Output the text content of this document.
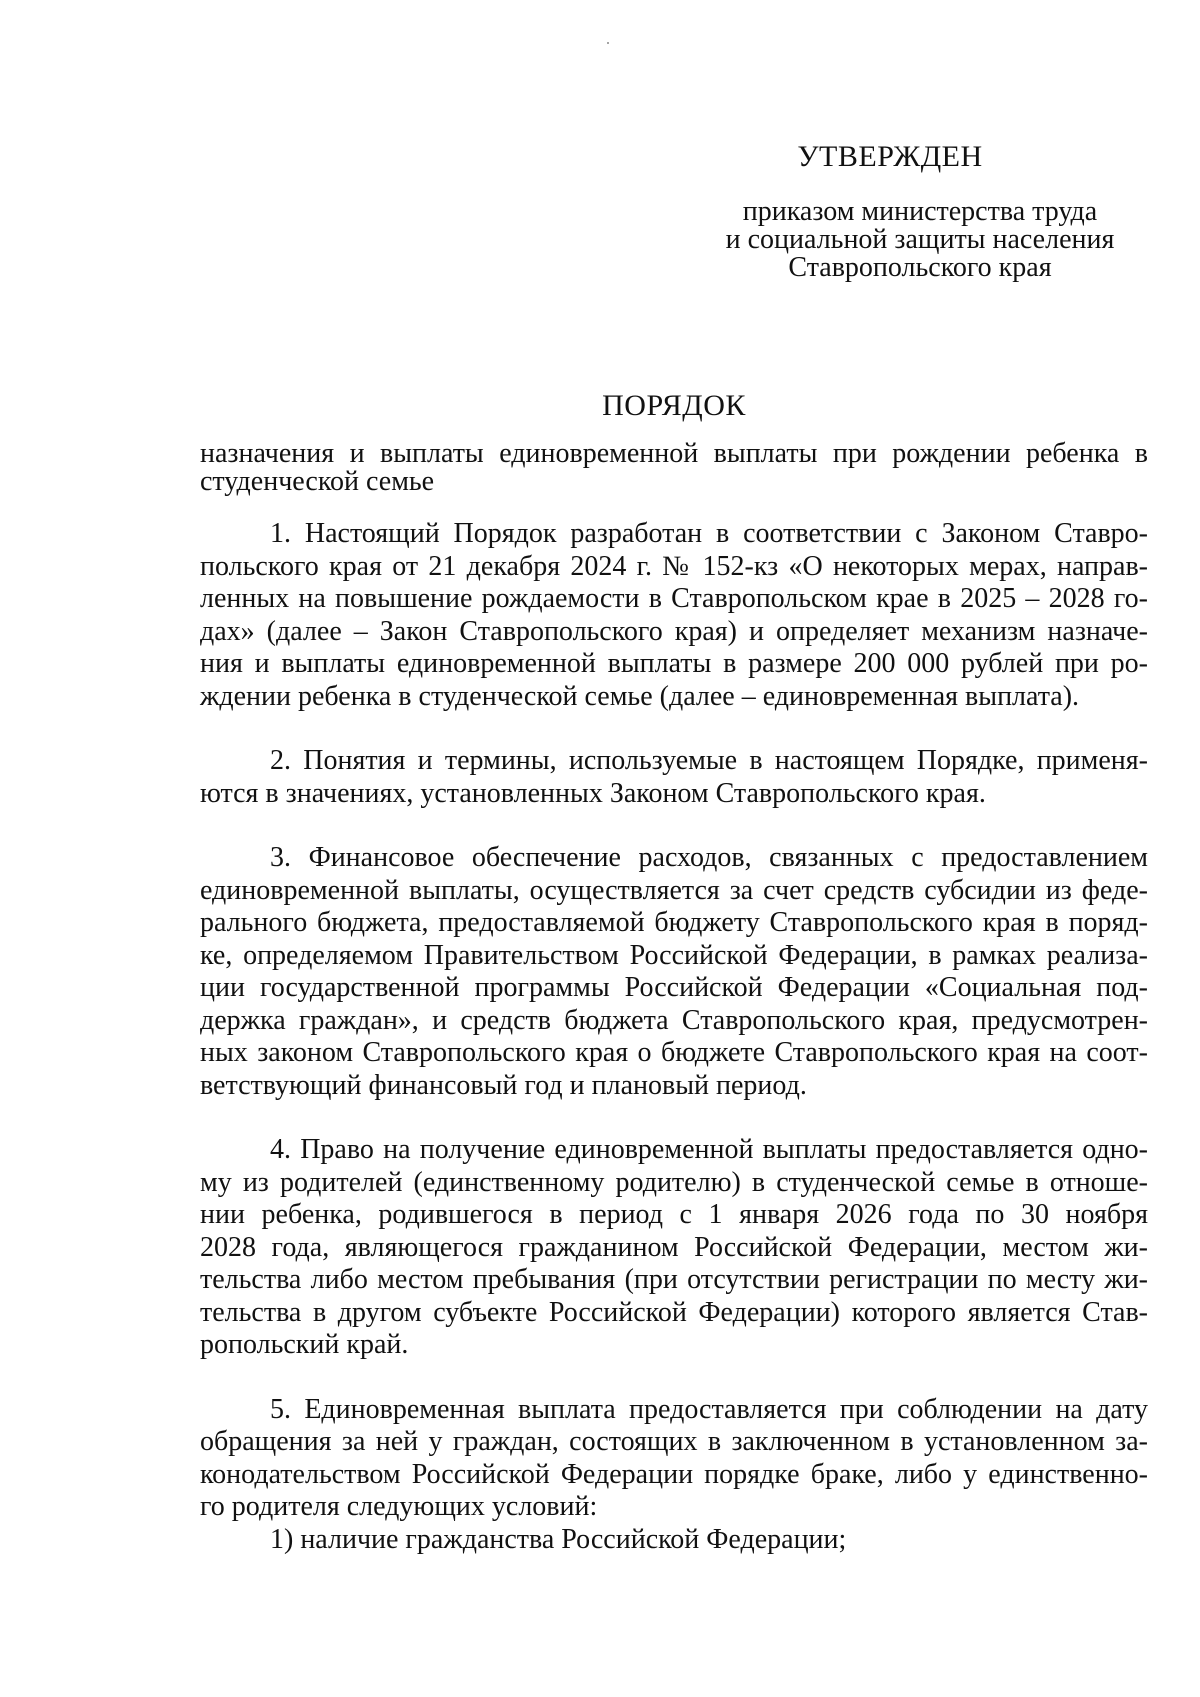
УТВЕРЖДЕН
приказом министерства труда
и социальной защиты населения
Ставропольского края
ПОРЯДОК
назначения и выплаты единовременной выплаты при рождении ребенка в
студенческой семье
1. Настоящий Порядок разработан в соответствии с Законом Ставро-
польского края от 21 декабря 2024 г. № 152-кз «О некоторых мерах, направ-
ленных на повышение рождаемости в Ставропольском крае в 2025 – 2028 го-
дах» (далее – Закон Ставропольского края) и определяет механизм назначе-
ния и выплаты единовременной выплаты в размере 200 000 рублей при ро-
ждении ребенка в студенческой семье (далее – единовременная выплата).
2. Понятия и термины, используемые в настоящем Порядке, применя-
ются в значениях, установленных Законом Ставропольского края.
3. Финансовое обеспечение расходов, связанных с предоставлением
единовременной выплаты, осуществляется за счет средств субсидии из феде-
рального бюджета, предоставляемой бюджету Ставропольского края в поряд-
ке, определяемом Правительством Российской Федерации, в рамках реализа-
ции государственной программы Российской Федерации «Социальная под-
держка граждан», и средств бюджета Ставропольского края, предусмотрен-
ных законом Ставропольского края о бюджете Ставропольского края на соот-
ветствующий финансовый год и плановый период.
4. Право на получение единовременной выплаты предоставляется одно-
му из родителей (единственному родителю) в студенческой семье в отноше-
нии ребенка, родившегося в период с 1 января 2026 года по 30 ноября
2028 года, являющегося гражданином Российской Федерации, местом жи-
тельства либо местом пребывания (при отсутствии регистрации по месту жи-
тельства в другом субъекте Российской Федерации) которого является Став-
ропольский край.
5. Единовременная выплата предоставляется при соблюдении на дату
обращения за ней у граждан, состоящих в заключенном в установленном за-
конодательством Российской Федерации порядке браке, либо у единственно-
го родителя следующих условий:
1) наличие гражданства Российской Федерации;
